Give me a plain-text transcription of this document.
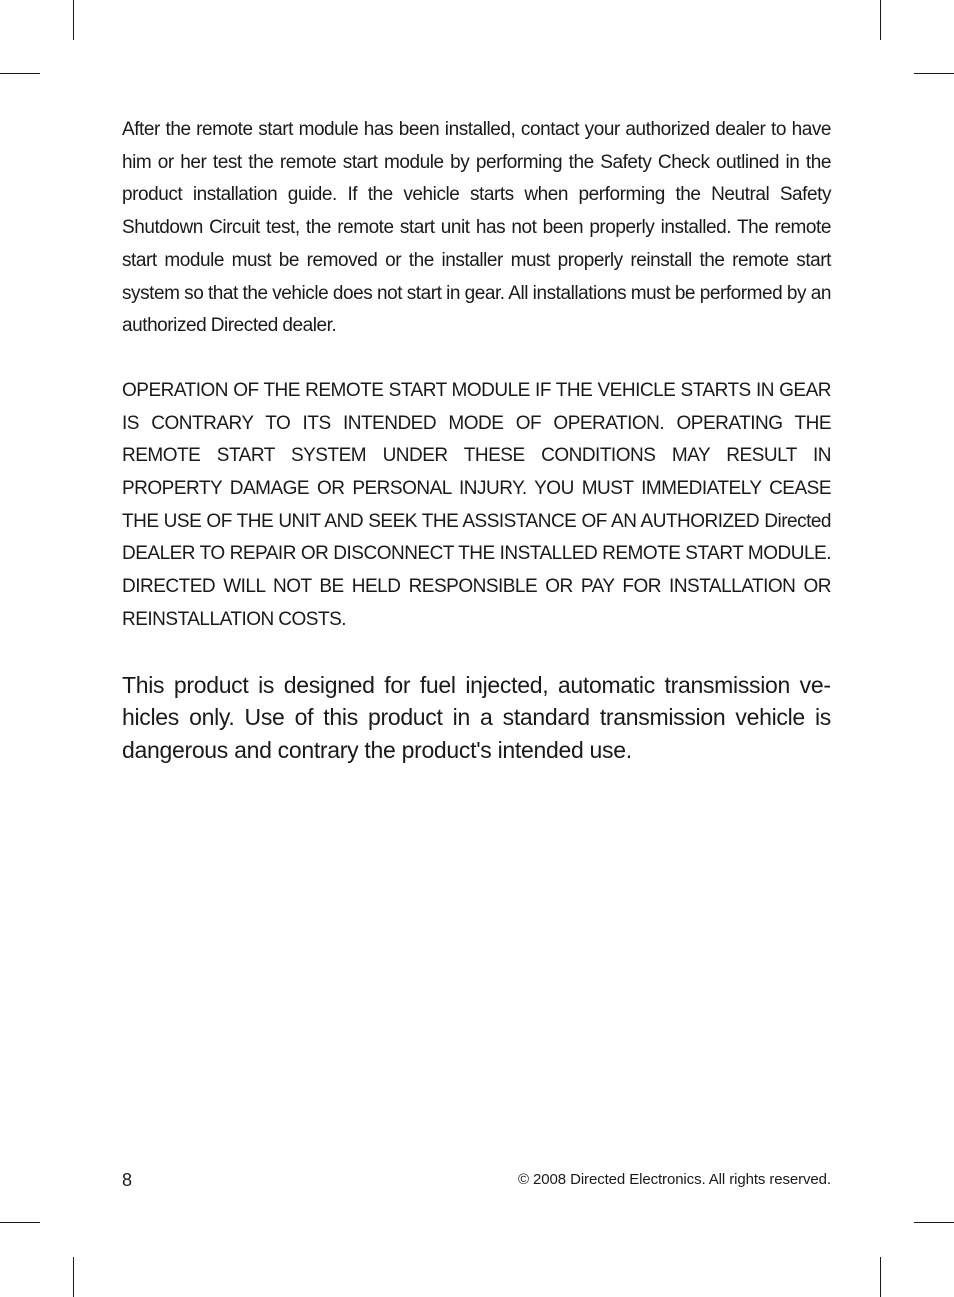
After the remote start module has been installed, contact your authorized dealer to have him or her test the remote start module by performing the Safety Check outlined in the product installation guide. If the vehicle starts when performing the Neutral Safety Shutdown Circuit test, the remote start unit has not been properly installed. The remote start module must be removed or the installer must properly reinstall the remote start system so that the vehicle does not start in gear. All installations must be performed by an authorized Directed dealer.

OPERATION OF THE REMOTE START MODULE IF THE VEHICLE STARTS IN GEAR IS CONTRARY TO ITS INTENDED MODE OF OPERATION. OPERATING THE REMOTE START SYSTEM UNDER THESE CONDITIONS MAY RESULT IN PROPERTY DAMAGE OR PERSONAL INJURY. YOU MUST IMMEDIATELY CEASE THE USE OF THE UNIT AND SEEK THE ASSISTANCE OF AN AUTHORIZED Directed DEALER TO REPAIR OR DISCONNECT THE INSTALLED REMOTE START MODULE. DIRECTED WILL NOT BE HELD RESPONSIBLE OR PAY FOR INSTALLATION OR REINSTALLATION COSTS.

This product is designed for fuel injected, automatic transmission vehicles only. Use of this product in a standard transmission vehicle is dangerous and contrary the product's intended use.

8	© 2008 Directed Electronics. All rights reserved.
